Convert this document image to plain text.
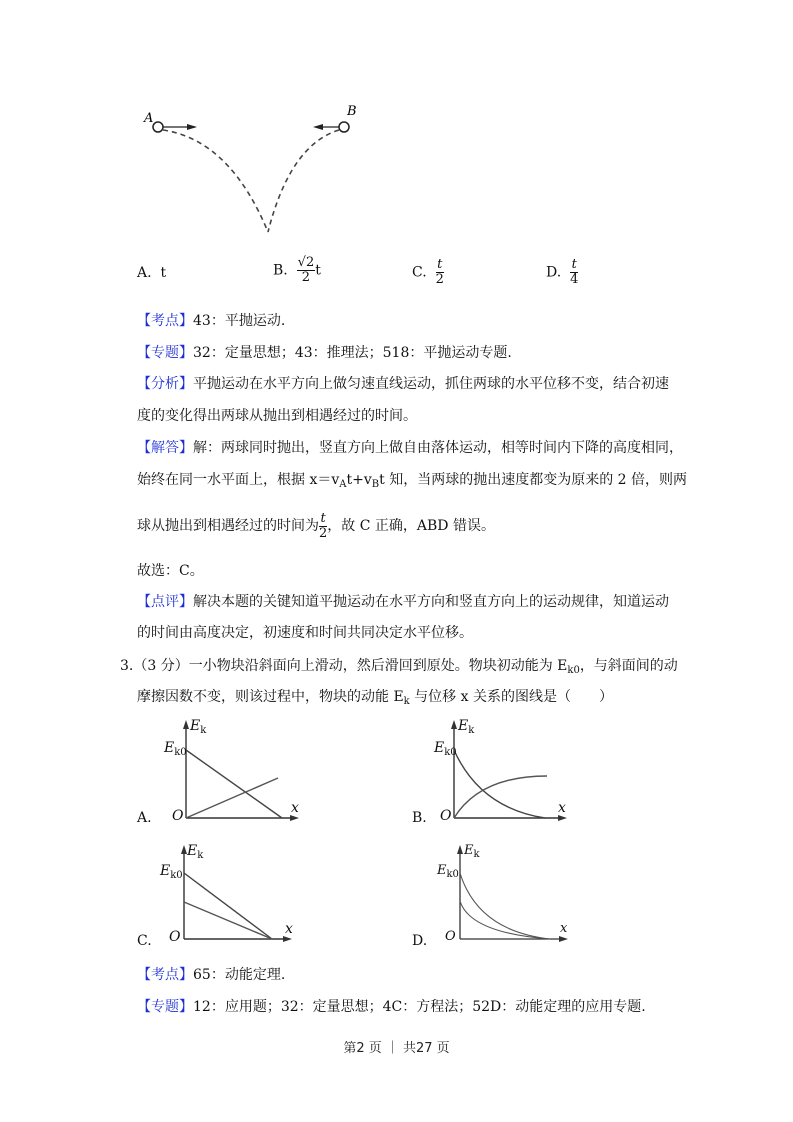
A	B
A. t	B. $\frac{√2}{2}$ t	C. $\frac{t}{2}$	D. $\frac{t}{4}$
【考点】43：平抛运动.
【专题】32：定量思想；43：推理法；518：平抛运动专题.
【分析】平抛运动在水平方向上做匀速直线运动，抓住两球的水平位移不变，结合初速
度的变化得出两球从抛出到相遇经过的时间。
【解答】解：两球同时抛出，竖直方向上做自由落体运动，相等时间内下降的高度相同，
始终在同一水平面上，根据 $x=v_At+v_Bt$ 知，当两球的抛出速度都变为原来的 2 倍，则两
球从抛出到相遇经过的时间为 $\frac{t}{2}$ ，故 C 正确，ABD 错误。
故选：C。
【点评】解决本题的关键知道平抛运动在水平方向和竖直方向上的运动规律，知道运动
的时间由高度决定，初速度和时间共同决定水平位移。
3.（3 分）一小物块沿斜面向上滑动，然后滑回到原处。物块初动能为 $E_{k0}$，与斜面间的动
摩擦因数不变，则该过程中，物块的动能 $E_k$ 与位移 x 关系的图线是（　　）
A.
$E_k$
$E_{k0}$
O	x
B.
$E_k$
$E_{k0}$
O	x
C.
$E_k$
$E_{k0}$
O	x
D.
$E_k$
$E_{k0}$
O
x
【考点】65：动能定理.
【专题】12：应用题；32：定量思想；4C：方程法；52D：动能定理的应用专题.
第2 页 ｜ 共27 页
